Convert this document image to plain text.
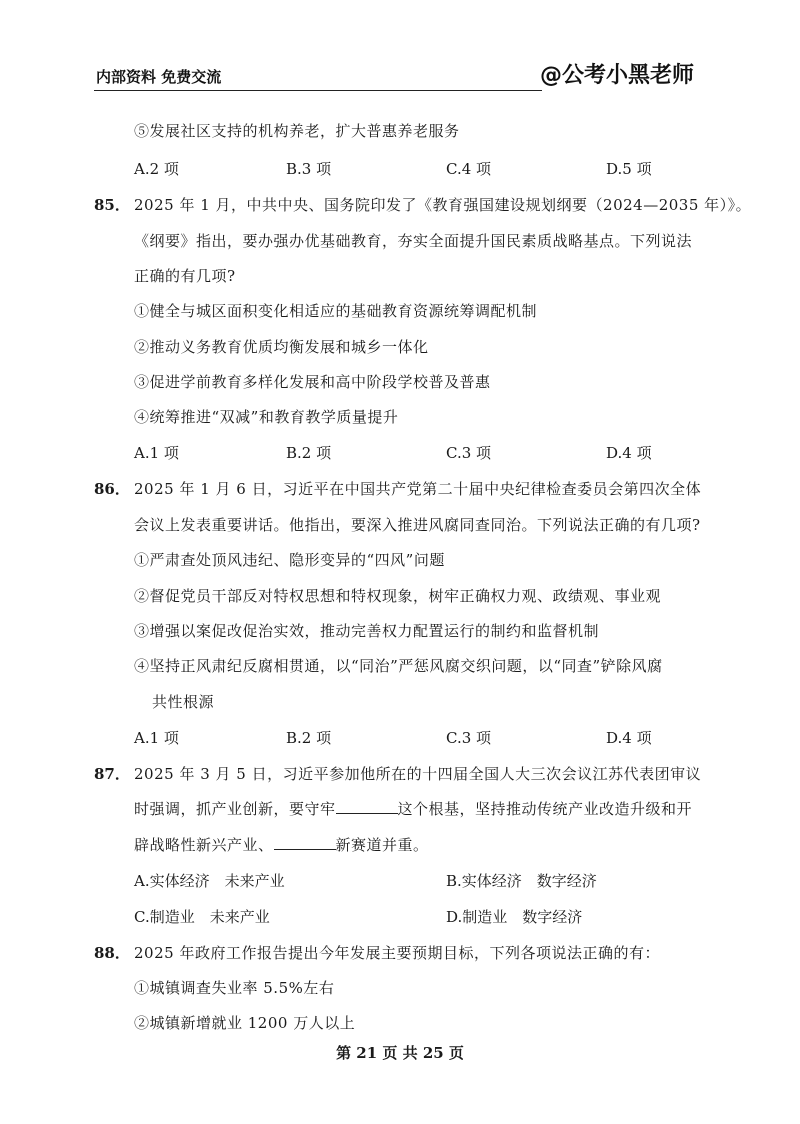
内部资料 免费交流	@公考小黑老师
⑤发展社区支持的机构养老，扩大普惠养老服务
A.2 项	B.3 项	C.4 项	D.5 项
85． 2025 年 1 月，中共中央、国务院印发了《教育强国建设规划纲要（2024—2035 年）》。
《纲要》指出，要办强办优基础教育，夯实全面提升国民素质战略基点。下列说法
正确的有几项?
①健全与城区面积变化相适应的基础教育资源统筹调配机制
②推动义务教育优质均衡发展和城乡一体化
③促进学前教育多样化发展和高中阶段学校普及普惠
④统筹推进“双减”和教育教学质量提升
A.1 项	B.2 项	C.3 项	D.4 项
86． 2025 年 1 月 6 日，习近平在中国共产党第二十届中央纪律检查委员会第四次全体
会议上发表重要讲话。他指出，要深入推进风腐同查同治。下列说法正确的有几项?
①严肃查处顶风违纪、隐形变异的“四风”问题
②督促党员干部反对特权思想和特权现象，树牢正确权力观、政绩观、事业观
③增强以案促改促治实效，推动完善权力配置运行的制约和监督机制
④坚持正风肃纪反腐相贯通，以“同治”严惩风腐交织问题，以“同查”铲除风腐
共性根源
A.1 项	B.2 项	C.3 项	D.4 项
87． 2025 年 3 月 5 日，习近平参加他所在的十四届全国人大三次会议江苏代表团审议
时强调，抓产业创新，要守牢	这个根基，坚持推动传统产业改造升级和开
辟战略性新兴产业、	新赛道并重。
A.实体经济　未来产业	B.实体经济　数字经济
C.制造业　未来产业	D.制造业　数字经济
88． 2025 年政府工作报告提出今年发展主要预期目标，下列各项说法正确的有：
①城镇调查失业率 5.5%左右
②城镇新增就业 1200 万人以上
第 21 页 共 25 页
